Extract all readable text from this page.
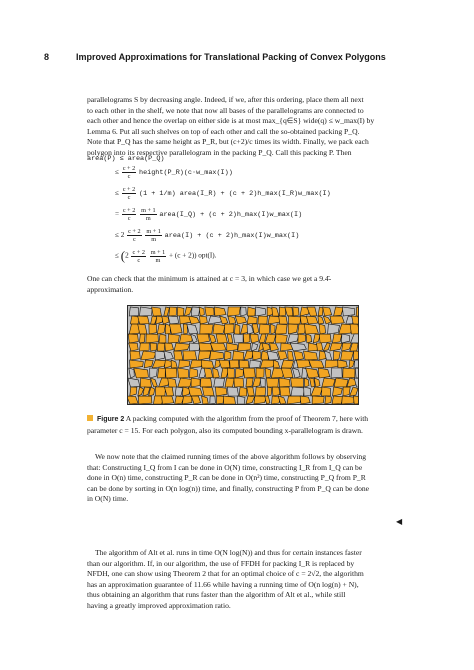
8	Improved Approximations for Translational Packing of Convex Polygons

parallelograms S by decreasing angle. Indeed, if we, after this ordering, place them all next
to each other in the shelf, we note that now all bases of the parallelograms are connected to
each other and hence the overlap on either side is at most max_{q∈S} wide(q) ≤ w_max(I) by
Lemma 6. Put all such shelves on top of each other and call the so-obtained packing P_Q.
Note that P_Q has the same height as P_R, but (c+2)/c times its width. Finally, we pack each
polygon into its respective parallelogram in the packing P_Q. Call this packing P. Then

area(P) ≤ area(P_Q)
≤ $\frac{c + 2}{c}$ height(P_R)(c·w_max(I))
≤ $\frac{c + 2}{c} (1 + 1/m)$ area(I_R) + (c + 2)h_max(I_R)w_max(I)
= $\frac{c + 2}{c}$
$\frac{m + 1}{m}$ area(I_Q) + (c + 2)h_max(I)w_max(I)
≤ $2 \frac{c + 2}{c}$
$\frac{m + 1}{m}$ area(I) + (c + 2)h_max(I)w_max(I)
≤ ($2 \frac{c + 2}{c}$
$\frac{m + 1}{m} + (c + 2)$) opt(I).

One can check that the minimum is attained at c = 3, in which case we get a 9.4̄-
approximation.

Figure 2 A packing computed with the algorithm from the proof of Theorem 7, here with
parameter c = 15. For each polygon, also its computed bounding x-parallelogram is drawn.

We now note that the claimed running times of the above algorithm follows by observing
that: Constructing I_Q from I can be done in O(N) time, constructing I_R from I_Q can be
done in O(n) time, constructing P_R can be done in O(n²) time, constructing P_Q from P_R
can be done by sorting in O(n log(n)) time, and finally, constructing P from P_Q can be done
in O(N) time.

◀

The algorithm of Alt et al. runs in time O(N log(N)) and thus for certain instances faster
than our algorithm. If, in our algorithm, the use of FFDH for packing I_R is replaced by
NFDH, one can show using Theorem 2 that for an optimal choice of c = 2√2, the algorithm
has an approximation guarantee of 11.66 while having a running time of O(n log(n) + N),
thus obtaining an algorithm that runs faster than the algorithm of Alt et al., while still
having a greatly improved approximation ratio.
